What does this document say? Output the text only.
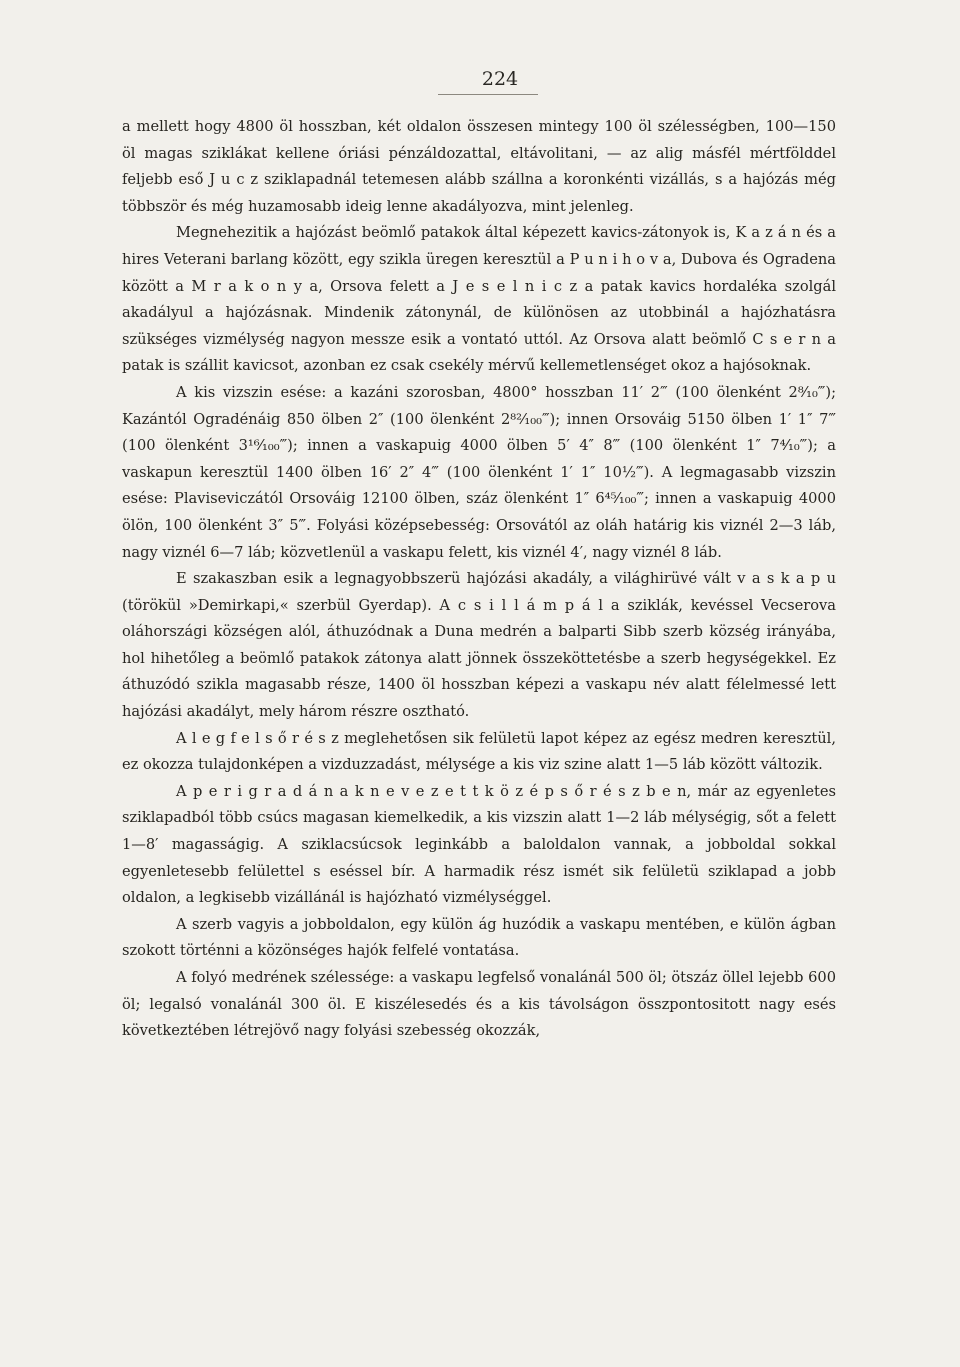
224

a mellett hogy 4800 öl hosszban, két oldalon összesen mintegy 100 öl szélességben, 100—150 öl magas sziklákat kellene óriási pénzáldozattal, eltávolitani, — az alig másfél mértfölddel feljebb eső J u c z sziklapadnál tetemesen alább szállna a koronkénti vizállás, s a hajózás még többször és még huzamosabb ideig lenne akadályozva, mint jelenleg.

Megnehezitik a hajózást beömlő patakok által képezett kavics-zátonyok is, K a z á n és a hires Veterani barlang között, egy szikla üregen keresztül a P u n i h o v a, Dubova és Ogradena között a M r a k o n y a, Orsova felett a J e s e l n i c z a patak kavics hordaléka szolgál akadályul a hajózásnak. Mindenik zátonynál, de különösen az utobbinál a hajózhatásra szükséges vizmélység nagyon messze esik a vontató uttól. Az Orsova alatt beömlő C s e r n a patak is szállit kavicsot, azonban ez csak csekély mérvű kellemetlenséget okoz a hajósoknak.

A kis vizszin esése: a kazáni szorosban, 4800° hosszban 11′ 2‴ (100 ölenként 2⁸⁄₁₀‴); Kazántól Ogradénáig 850 ölben 2″ (100 ölenként 2⁸²⁄₁₀₀‴); innen Orsováig 5150 ölben 1′ 1″ 7‴ (100 ölenként 3¹⁶⁄₁₀₀‴); innen a vaskapuig 4000 ölben 5′ 4″ 8‴ (100 ölenként 1″ 7⁴⁄₁₀‴); a vaskapun keresztül 1400 ölben 16′ 2″ 4‴ (100 ölenként 1′ 1″ 10½‴). A legmagasabb vizszin esése: Plaviseviczától Orsováig 12100 ölben, száz ölenként 1″ 6⁴⁵⁄₁₀₀‴; innen a vaskapuig 4000 ölön, 100 ölenként 3″ 5‴. Folyási középsebesség: Orsovától az oláh határig kis viznél 2—3 láb, nagy viznél 6—7 láb; közvetlenül a vaskapu felett, kis viznél 4′, nagy viznél 8 láb.

E szakaszban esik a legnagyobbszerü hajózási akadály, a világhirüvé vált v a s k a p u (törökül »Demirkapi,« szerbül Gyerdap). A c s i l l á m p á l a sziklák, kevéssel Vecserova oláhországi községen alól, áthuzódnak a Duna medrén a balparti Sibb szerb község irányába, hol hihetőleg a beömlő patakok zátonya alatt jönnek összeköttetésbe a szerb hegységekkel. Ez áthuzódó szikla magasabb része, 1400 öl hosszban képezi a vaskapu név alatt félelmessé lett hajózási akadályt, mely három részre osztható.

A l e g f e l s ő r é s z meglehetősen sik felületü lapot képez az egész medren keresztül, ez okozza tulajdonképen a vizduzzadást, mélysége a kis viz szine alatt 1—5 láb között változik.

A p e r i g r a d á n a k n e v e z e t t k ö z é p s ő r é s z b e n, már az egyenletes sziklapadból több csúcs magasan kiemelkedik, a kis vizszin alatt 1—2 láb mélységig, sőt a felett 1—8′ magasságig. A sziklacsúcsok leginkább a baloldalon vannak, a jobboldal sokkal egyenletesebb felülettel s eséssel bír. A harmadik rész ismét sik felületü sziklapad a jobb oldalon, a legkisebb vizállánál is hajózható vizmélységgel.

A szerb vagyis a jobboldalon, egy külön ág huzódik a vaskapu mentében, e külön ágban szokott történni a közönséges hajók felfelé vontatása.

A folyó medrének szélessége: a vaskapu legfelső vonalánál 500 öl; ötszáz öllel lejebb 600 öl; legalsó vonalánál 300 öl. E kiszélesedés és a kis távolságon összpontositott nagy esés következtében létrejövő nagy folyási szebesség okozzák,
